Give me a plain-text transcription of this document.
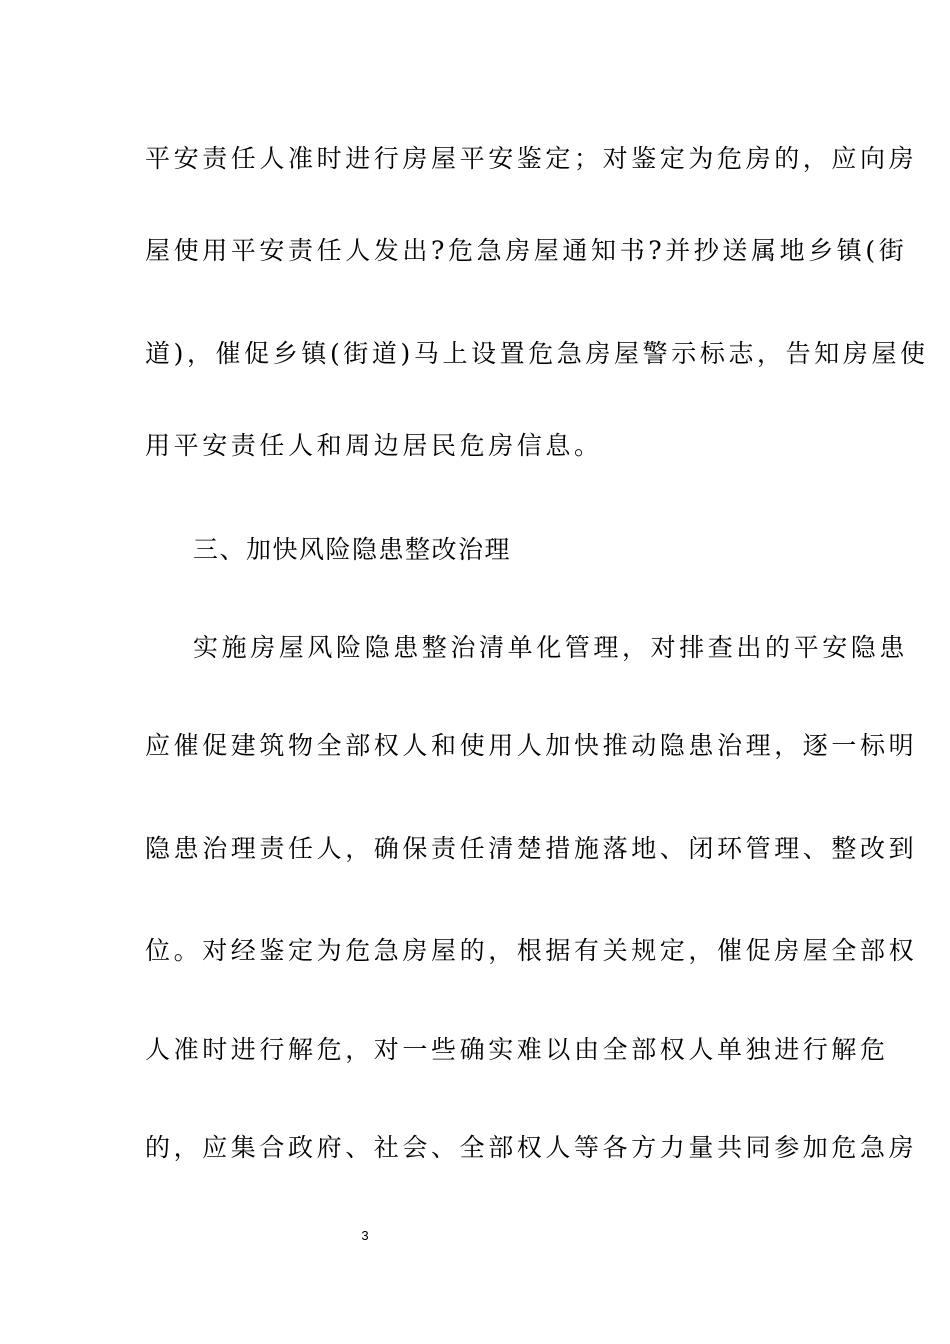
平安责任人准时进行房屋平安鉴定；对鉴定为危房的，应向房
屋使用平安责任人发出?危急房屋通知书?并抄送属地乡镇(街
道)，催促乡镇(街道)马上设置危急房屋警示标志，告知房屋使
用平安责任人和周边居民危房信息。
三、加快风险隐患整改治理
实施房屋风险隐患整治清单化管理，对排查出的平安隐患
应催促建筑物全部权人和使用人加快推动隐患治理，逐一标明
隐患治理责任人，确保责任清楚措施落地、闭环管理、整改到
位。对经鉴定为危急房屋的，根据有关规定，催促房屋全部权
人准时进行解危，对一些确实难以由全部权人单独进行解危
的，应集合政府、社会、全部权人等各方力量共同参加危急房
3
